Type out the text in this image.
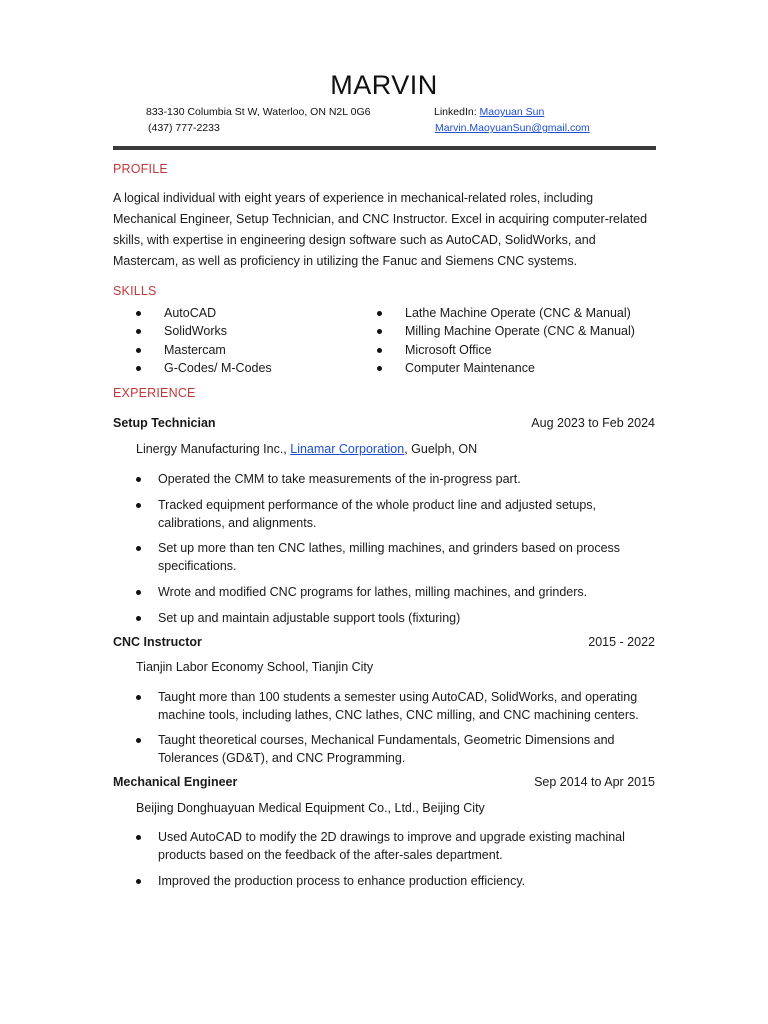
MARVIN
833-130 Columbia St W, Waterloo, ON N2L 0G6
(437) 777-2233
LinkedIn: Maoyuan Sun
Marvin.MaoyuanSun@gmail.com
PROFILE
A logical individual with eight years of experience in mechanical-related roles, including Mechanical Engineer, Setup Technician, and CNC Instructor. Excel in acquiring computer-related skills, with expertise in engineering design software such as AutoCAD, SolidWorks, and Mastercam, as well as proficiency in utilizing the Fanuc and Siemens CNC systems.
SKILLS
AutoCAD
SolidWorks
Mastercam
G-Codes/ M-Codes
Lathe Machine Operate (CNC & Manual)
Milling Machine Operate (CNC & Manual)
Microsoft Office
Computer Maintenance
EXPERIENCE
Setup Technician	Aug 2023 to Feb 2024
Linergy Manufacturing Inc., Linamar Corporation, Guelph, ON
Operated the CMM to take measurements of the in-progress part.
Tracked equipment performance of the whole product line and adjusted setups, calibrations, and alignments.
Set up more than ten CNC lathes, milling machines, and grinders based on process specifications.
Wrote and modified CNC programs for lathes, milling machines, and grinders.
Set up and maintain adjustable support tools (fixturing)
CNC Instructor	2015 - 2022
Tianjin Labor Economy School, Tianjin City
Taught more than 100 students a semester using AutoCAD, SolidWorks, and operating machine tools, including lathes, CNC lathes, CNC milling, and CNC machining centers.
Taught theoretical courses, Mechanical Fundamentals, Geometric Dimensions and Tolerances (GD&T), and CNC Programming.
Mechanical Engineer	Sep 2014 to Apr 2015
Beijing Donghuayuan Medical Equipment Co., Ltd., Beijing City
Used AutoCAD to modify the 2D drawings to improve and upgrade existing machinal products based on the feedback of the after-sales department.
Improved the production process to enhance production efficiency.
